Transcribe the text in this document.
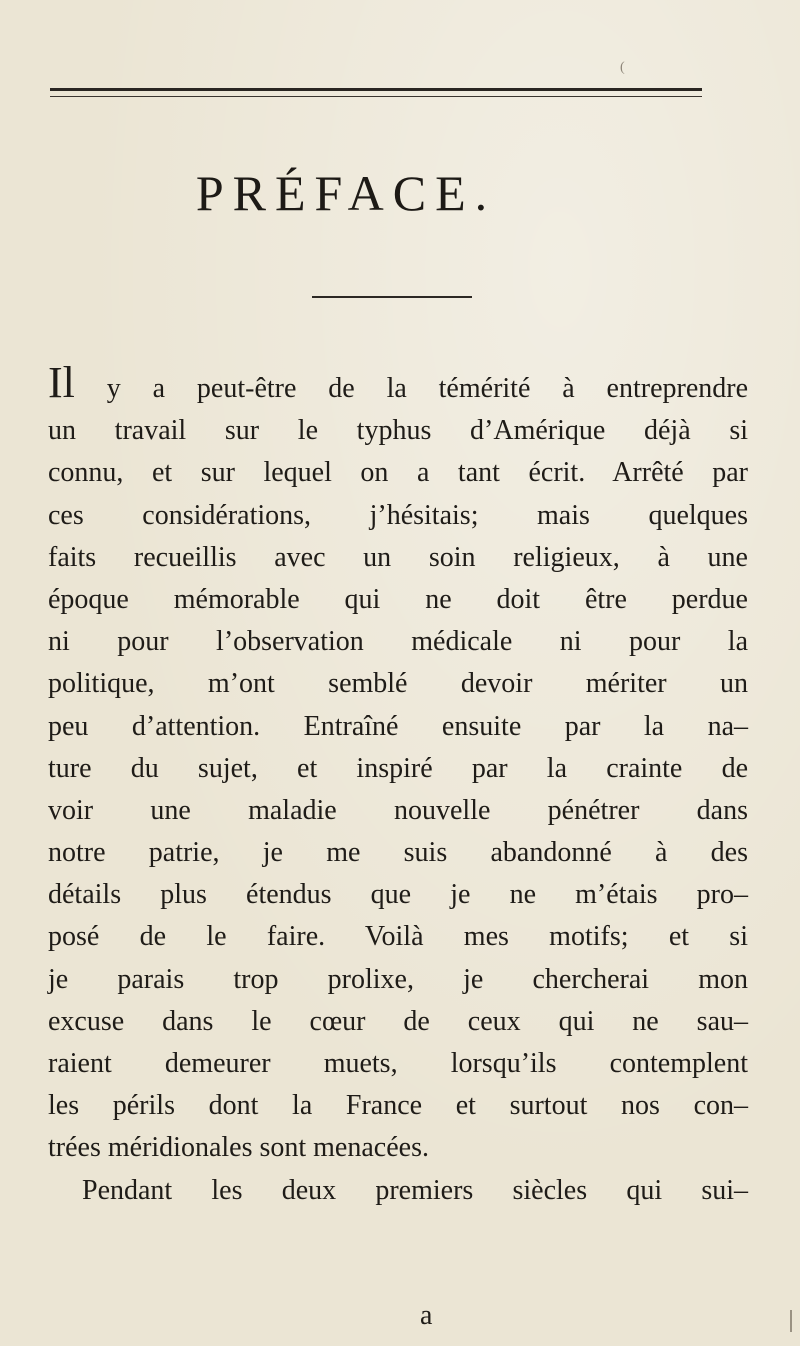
(
PRÉFACE.
Il y a peut-être de la témérité à entreprendre
un travail sur le typhus d’Amérique déjà si
connu, et sur lequel on a tant écrit. Arrêté par
ces considérations, j’hésitais; mais quelques
faits recueillis avec un soin religieux, à une
époque mémorable qui ne doit être perdue
ni pour l’observation médicale ni pour la
politique, m’ont semblé devoir mériter un
peu d’attention. Entraîné ensuite par la na–
ture du sujet, et inspiré par la crainte de
voir une maladie nouvelle pénétrer dans
notre patrie, je me suis abandonné à des
détails plus étendus que je ne m’étais pro–
posé de le faire. Voilà mes motifs; et si
je parais trop prolixe, je chercherai mon
excuse dans le cœur de ceux qui ne sau–
raient demeurer muets, lorsqu’ils contemplent
les périls dont la France et surtout nos con–
trées méridionales sont menacées.
Pendant les deux premiers siècles qui sui–
a
